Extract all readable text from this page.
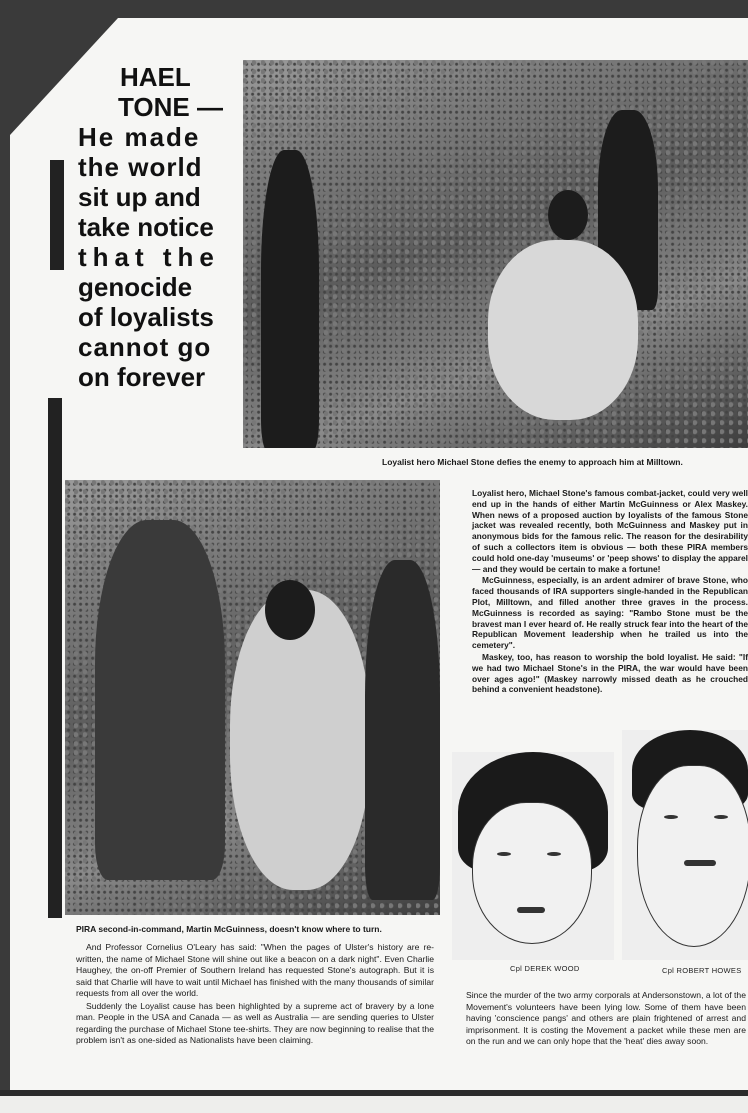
HAEL
TONE —
He made
the world
sit up and
take notice
that the
genocide
of loyalists
cannot go
on forever
Loyalist hero Michael Stone defies the enemy to approach him at Milltown.
PIRA second-in-command, Martin McGuinness, doesn't know where to turn.

Loyalist hero, Michael Stone's famous combat-jacket, could very well end up in the hands of either Martin McGuinness or Alex Maskey. When news of a proposed auction by loyalists of the famous Stone jacket was revealed recently, both McGuinness and Maskey put in anonymous bids for the famous relic. The reason for the desirability of such a collectors item is obvious — both these PIRA members could hold one-day 'museums' or 'peep shows' to display the apparel — and they would be certain to make a fortune!

McGuinness, especially, is an ardent admirer of brave Stone, who faced thousands of IRA supporters single-handed in the Republican Plot, Milltown, and filled another three graves in the process. McGuinness is recorded as saying: "Rambo Stone must be the bravest man I ever heard of. He really struck fear into the heart of the Republican Movement leadership when he trailed us into the cemetery".

Maskey, too, has reason to worship the bold loyalist. He said: "If we had two Michael Stone's in the PIRA, the war would have been over ages ago!" (Maskey narrowly missed death as he crouched behind a convenient headstone).

Cpl DEREK WOOD	Cpl ROBERT HOWES

And Professor Cornelius O'Leary has said: "When the pages of Ulster's history are re-written, the name of Michael Stone will shine out like a beacon on a dark night". Even Charlie Haughey, the on-off Premier of Southern Ireland has requested Stone's autograph. But it is said that Charlie will have to wait until Michael has finished with the many thousands of similar requests from all over the world.

Suddenly the Loyalist cause has been highlighted by a supreme act of bravery by a lone man. People in the USA and Canada — as well as Australia — are sending queries to Ulster regarding the purchase of Michael Stone tee-shirts. They are now beginning to realise that the problem isn't as one-sided as Nationalists have been claiming.

Since the murder of the two army corporals at Andersonstown, a lot of the Movement's volunteers have been lying low. Some of them have been having 'conscience pangs' and others are plain frightened of arrest and imprisonment. It is costing the Movement a packet while these men are on the run and we can only hope that the 'heat' dies away soon.
